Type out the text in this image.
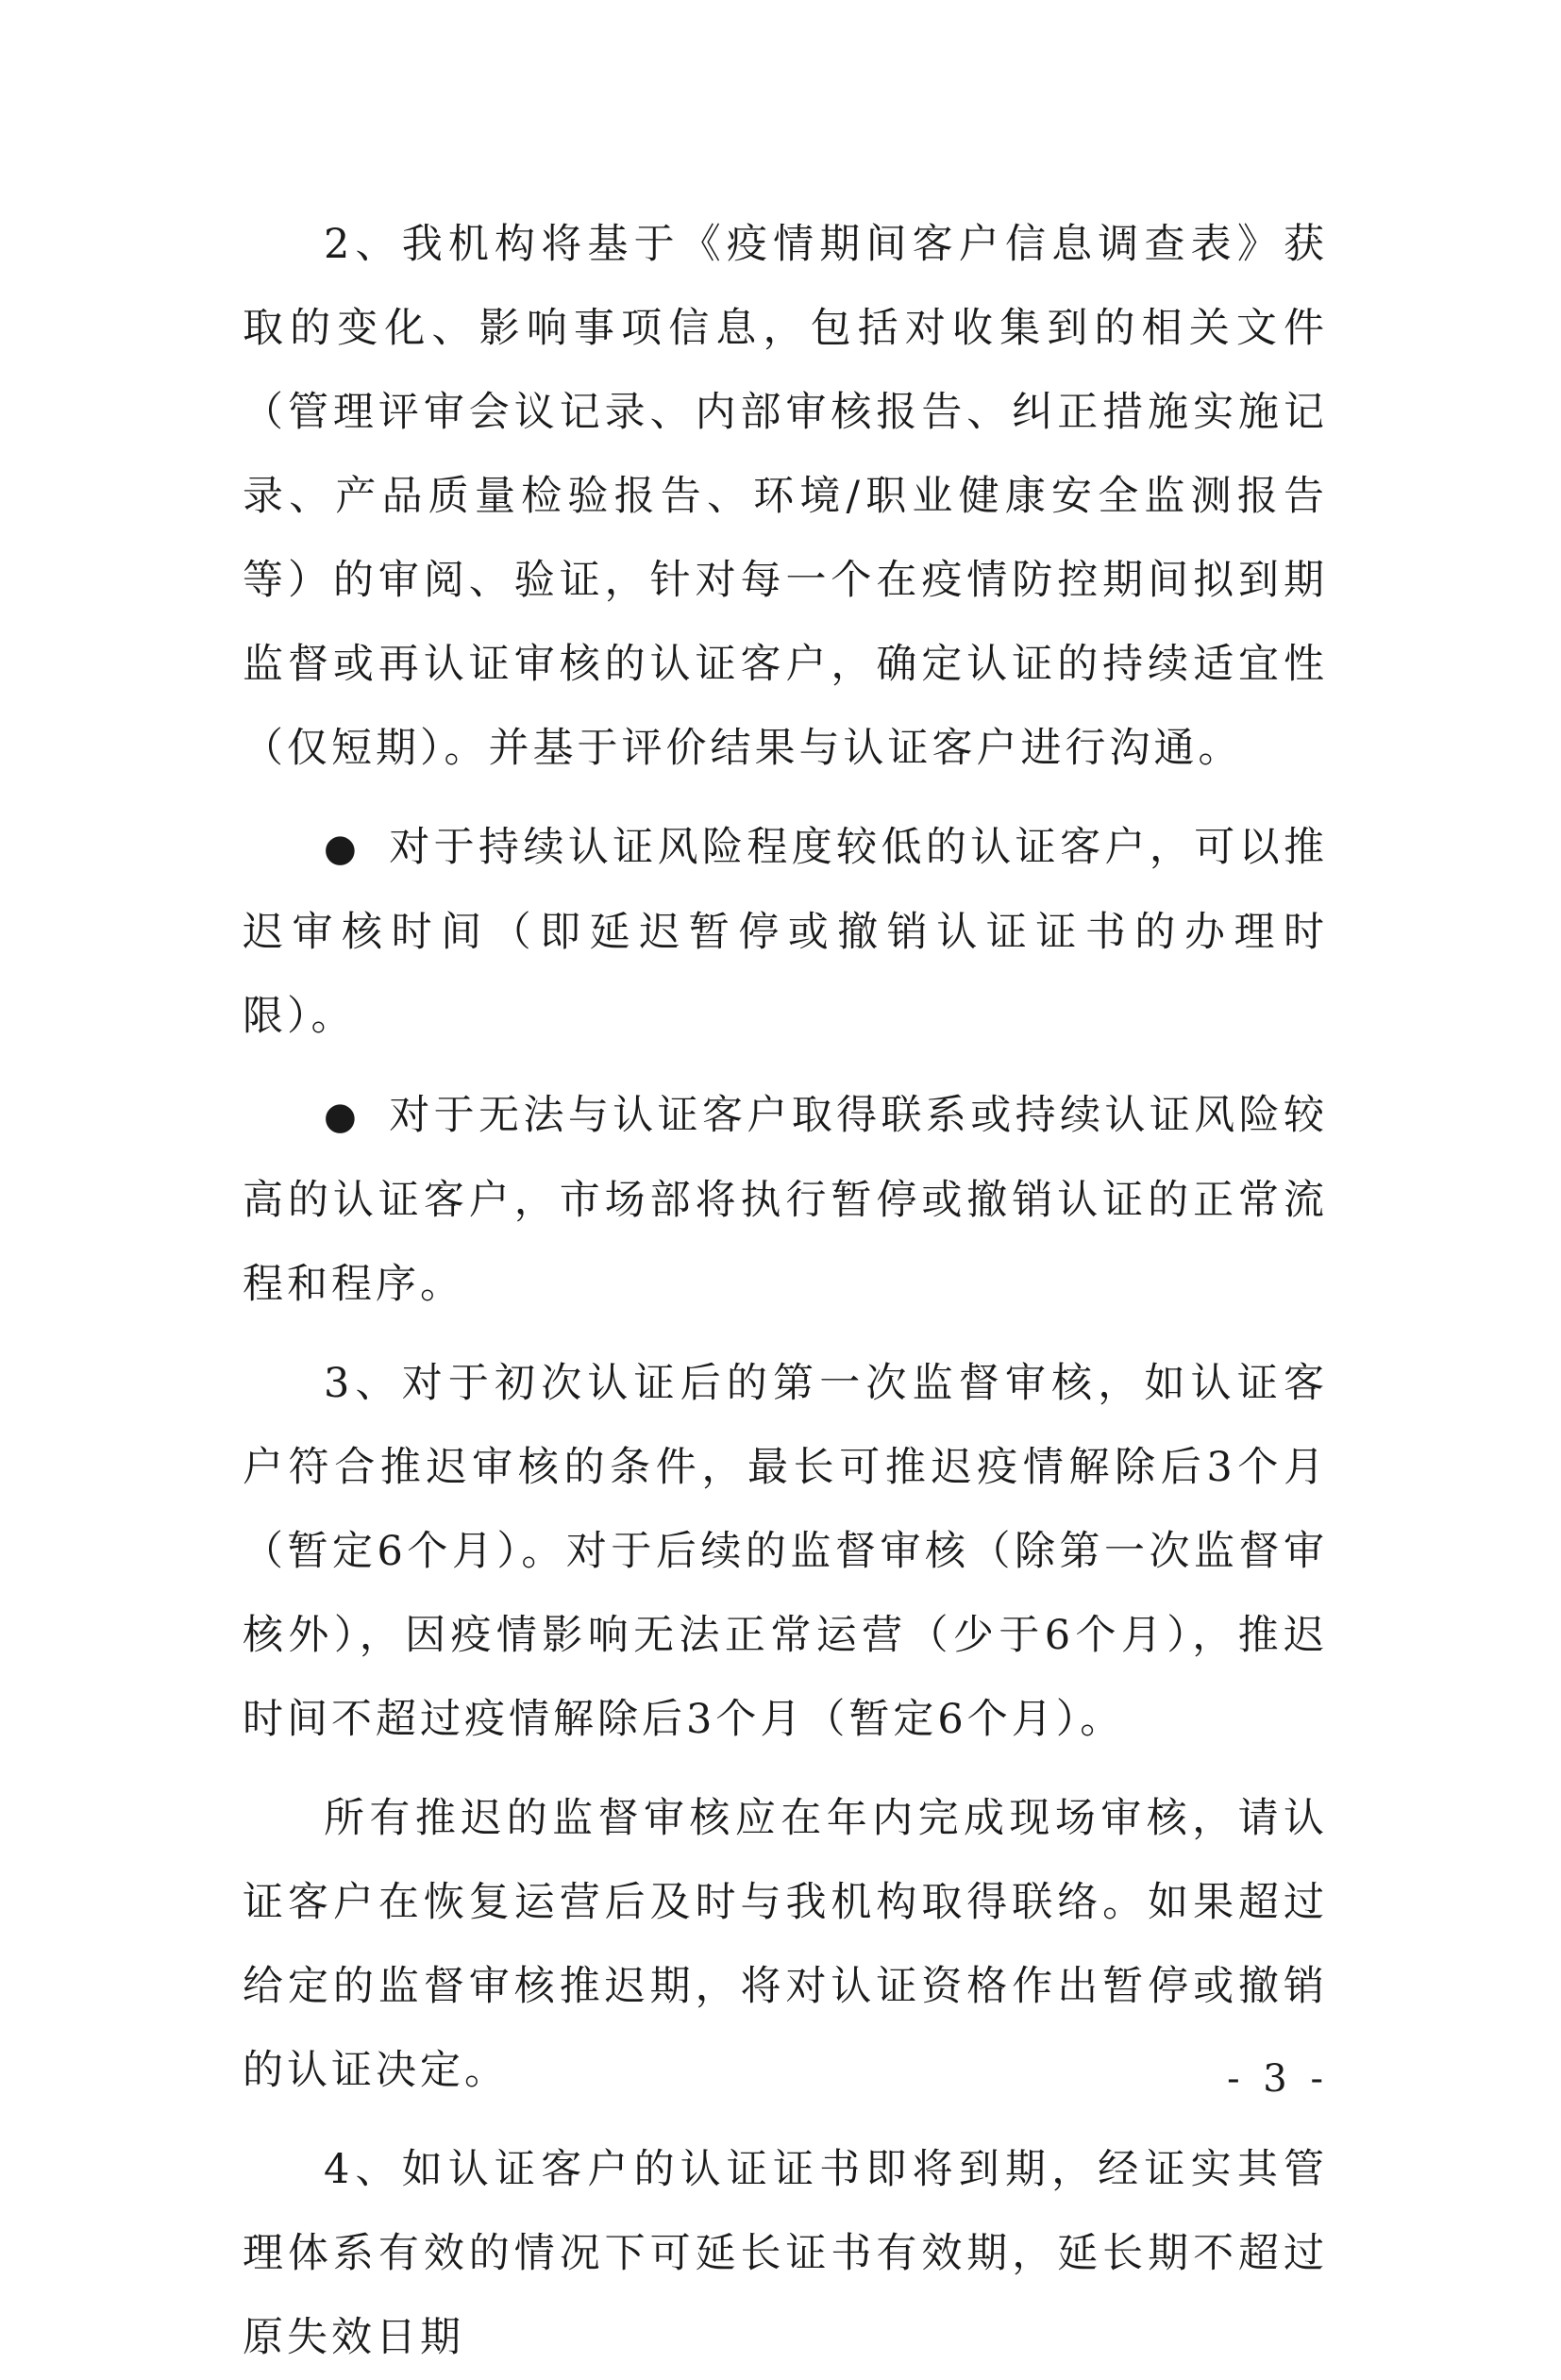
2、我机构将基于《疫情期间客户信息调查表》获取的变化、影响事项信息，包括对收集到的相关文件（管理评审会议记录、内部审核报告、纠正措施实施记录、产品质量检验报告、环境/职业健康安全监测报告等）的审阅、验证，针对每一个在疫情防控期间拟到期监督或再认证审核的认证客户，确定认证的持续适宜性（仅短期）。并基于评价结果与认证客户进行沟通。

● 对于持续认证风险程度较低的认证客户，可以推迟审核时间（即延迟暂停或撤销认证证书的办理时限）。

● 对于无法与认证客户取得联系或持续认证风险较高的认证客户，市场部将执行暂停或撤销认证的正常流程和程序。

3、对于初次认证后的第一次监督审核，如认证客户符合推迟审核的条件，最长可推迟疫情解除后3个月（暂定6个月）。对于后续的监督审核（除第一次监督审核外），因疫情影响无法正常运营（少于6个月），推迟时间不超过疫情解除后3个月（暂定6个月）。

所有推迟的监督审核应在年内完成现场审核，请认证客户在恢复运营后及时与我机构取得联络。如果超过给定的监督审核推迟期，将对认证资格作出暂停或撤销的认证决定。

4、如认证客户的认证证书即将到期，经证实其管理体系有效的情况下可延长证书有效期，延长期不超过原失效日期

- 3 -
